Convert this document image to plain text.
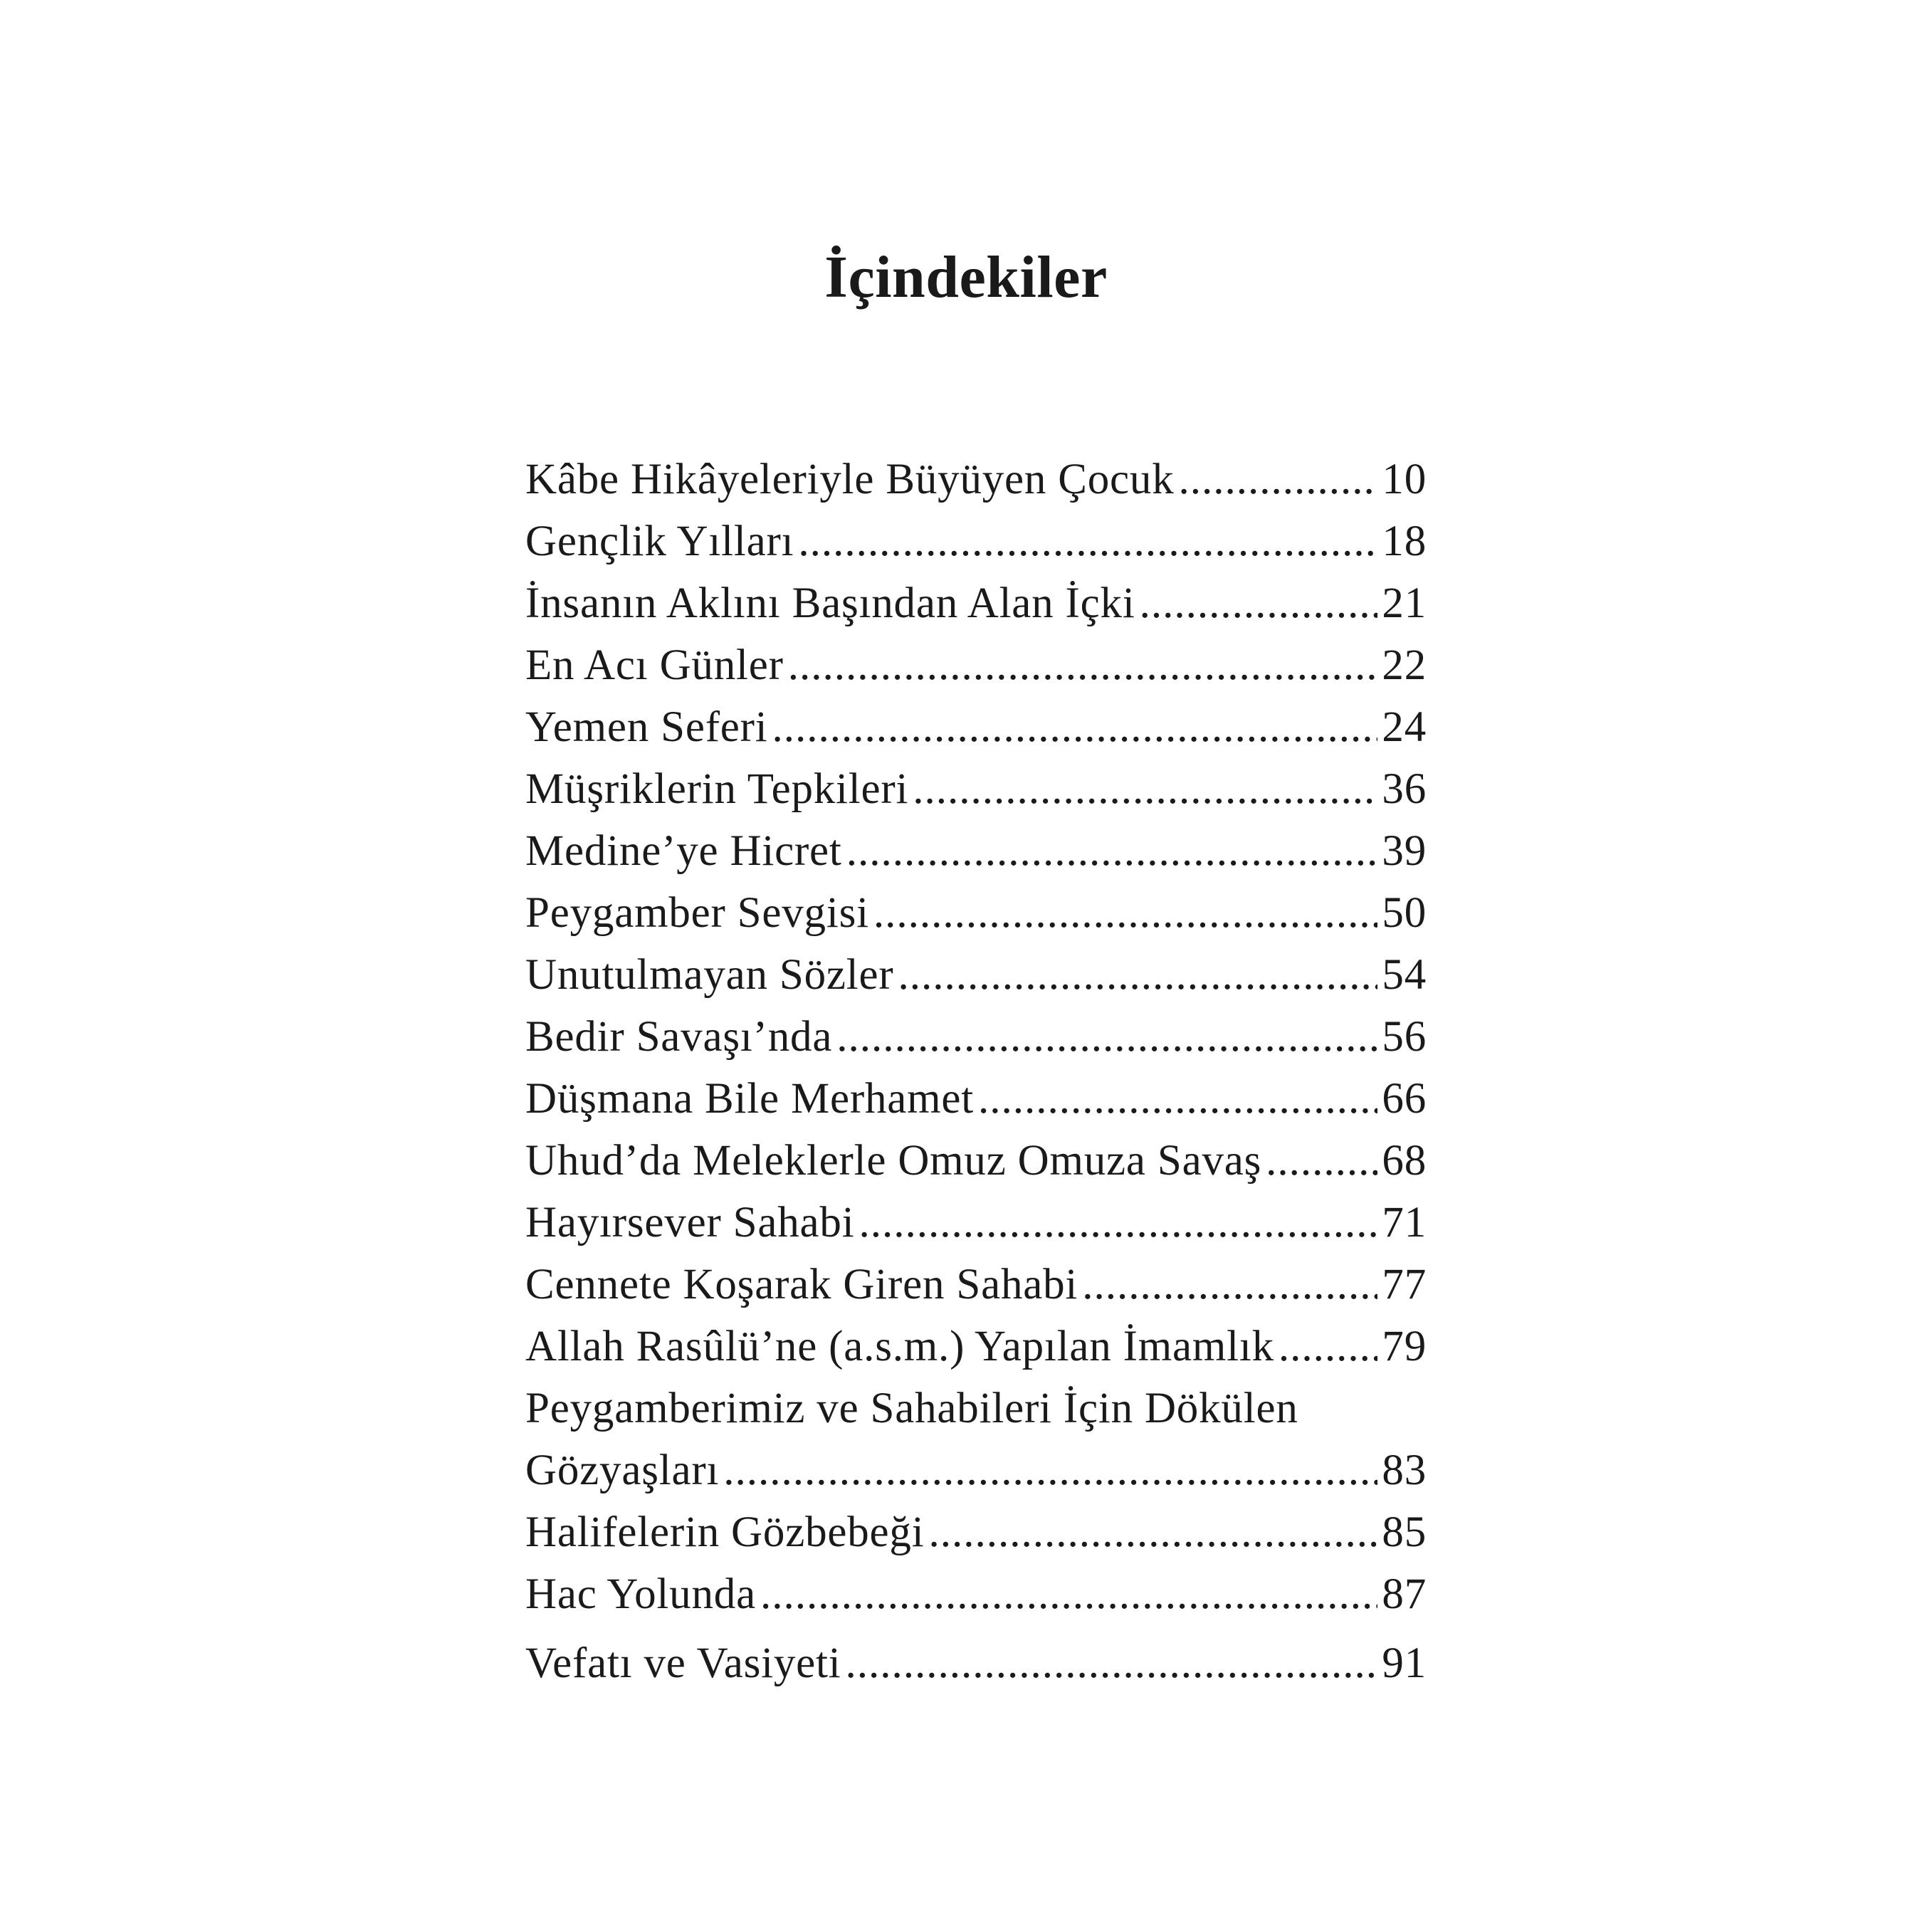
İçindekiler
Kâbe Hikâyeleriyle Büyüyen Çocuk .....	10
Gençlik Yılları .....	18
İnsanın Aklını Başından Alan İçki .....	21
En Acı Günler .....	22
Yemen Seferi .....	24
Müşriklerin Tepkileri .....	36
Medine’ye Hicret .....	39
Peygamber Sevgisi .....	50
Unutulmayan Sözler .....	54
Bedir Savaşı’nda .....	56
Düşmana Bile Merhamet .....	66
Uhud’da Meleklerle Omuz Omuza Savaş .....	68
Hayırsever Sahabi .....	71
Cennete Koşarak Giren Sahabi .....	77
Allah Rasûlü’ne (a.s.m.) Yapılan İmamlık ..... 79
Peygamberimiz ve Sahabileri İçin Dökülen
Gözyaşları .....	83
Halifelerin Gözbebeği .....	85
Hac Yolunda .....	87
Vefatı ve Vasiyeti .....	91
